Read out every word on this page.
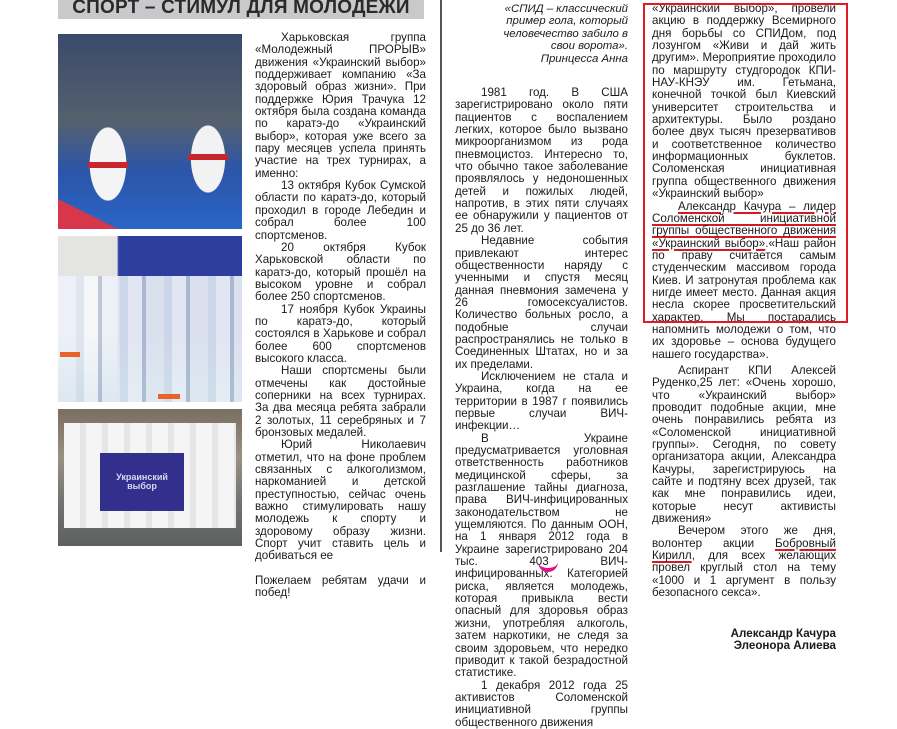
СПОРТ – СТИМУЛ ДЛЯ МОЛОДЕЖИ
Украинский выбор

Харьковская группа «Молодежный ПРОРЫВ» движения «Украинский выбор» поддерживает компанию «За здоровый образ жизни». При поддержке Юрия Трачука 12 октября была создана команда по каратэ-до «Украинский выбор», которая уже всего за пару месяцев успела принять участие на трех турнирах, а именно:

13 октября Кубок Сумской области по каратэ-до, который проходил в городе Лебедин и собрал более 100 спортсменов.

20 октября Кубок Харьковской области по каратэ-до, который прошёл на высоком уровне и собрал более 250 спортсменов.

17 ноября Кубок Украины по каратэ-до, который состоялся в Харькове и собрал более 600 спортсменов высокого класса.

Наши спортсмены были отмечены как достойные соперники на всех турнирах. За два месяца ребята забрали 2 золотых, 11 серебряных и 7 бронзовых медалей.

Юрий Николаевич отметил, что на фоне проблем связанных с алкоголизмом, наркоманией и детской преступностью, сейчас очень важно стимулировать нашу молодежь к спорту и здоровому образу жизни. Спорт учит ставить цель и добиваться ее

Пожелаем ребятам удачи и побед!

«СПИД – классический пример гола, который человечество забило в свои ворота».
Принцесса Анна

1981 год. В США зарегистрировано около пяти пациентов с воспалением легких, которое было вызвано микроорганизмом из рода пневмоцистоз. Интересно то, что обычно такое заболевание проявлялось у недоношенных детей и пожилых людей, напротив, в этих пяти случаях ее обнаружили у пациентов от 25 до 36 лет.

Недавние события привлекают интерес общественности наряду с ученными и спустя месяц данная пневмония замечена у 26 гомосексуалистов. Количество больных росло, а подобные случаи распространялись не только в Соединенных Штатах, но и за их пределами.

Исключением не стала и Украина, когда на ее территории в 1987 г появились первые случаи ВИЧ-инфекции…

В Украине предусматривается уголовная ответственность работников медицинской сферы, за разглашение тайны диагноза, права ВИЧ-инфицированных законодательством не ущемляются. По данным ООН, на 1 января 2012 года в Украине зарегистрировано 204 тыс. 403 ВИЧ-инфицированных. Категорией риска, является молодежь, которая привыкла вести опасный для здоровья образ жизни, употребляя алкоголь, затем наркотики, не следя за своим здоровьем, что нередко приводит к такой безрадостной статистике.

1 декабря 2012 года 25 активистов Соломенской инициативной группы общественного движения

«Украинский выбор», провели акцию в поддержку Всемирного дня борьбы со СПИДом, под лозунгом «Живи и дай жить другим». Мероприятие проходило по маршруту студгородок КПИ-НАУ-КНЭУ им. Гетьмана, конечной точкой был Киевский университет строительства и архитектуры. Было роздано более двух тысяч презервативов и соответственное количество информационных буклетов. Соломенская инициативная группа общественного движения «Украинский выбор»

Александр Качура – лидер Соломенской инициативной группы общественного движения «Украинский выбор».«Наш район по праву считается самым студенческим массивом города Киев. И затронутая проблема как нигде имеет место. Данная акция несла скорее просветительский характер. Мы постарались напомнить молодежи о том, что их здоровье – основа будущего нашего государства».

Аспирант КПИ Алексей Руденко,25 лет: «Очень хорошо, что «Украинский выбор» проводит подобные акции, мне очень понравились ребята из «Соломенской инициативной группы». Сегодня, по совету организатора акции, Александра Качуры, зарегистрируюсь на сайте и подтяну всех друзей, так как мне понравились идеи, которые несут активисты движения»

Вечером этого же дня, волонтер акции Бобровный Кирилл, для всех желающих провел круглый стол на тему «1000 и 1 аргумент в пользу безопасного секса».

Александр Качура
Элеонора Алиева
